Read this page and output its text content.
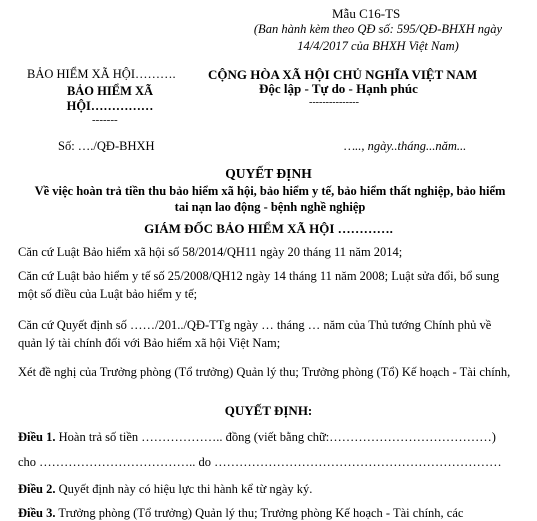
Mẫu C16-TS
(Ban hành kèm theo QĐ số: 595/QĐ-BHXH ngày 14/4/2017 của BHXH Việt Nam)
BẢO HIỂM XÃ HỘI……….
BẢO HIỂM XÃ HỘI……………
-------
CỘNG HÒA XÃ HỘI CHỦ NGHĨA VIỆT NAM
Độc lập - Tự do - Hạnh phúc
---------------
Số: …./QĐ-BHXH	….., ngày..tháng...năm...
QUYẾT ĐỊNH
Về việc hoàn trả tiền thu bảo hiểm xã hội, bảo hiểm y tế, bảo hiểm thất nghiệp, bảo hiểm tai nạn lao động - bệnh nghề nghiệp
GIÁM ĐỐC BẢO HIỂM XÃ HỘI ………….
Căn cứ Luật Bảo hiểm xã hội số 58/2014/QH11 ngày 20 tháng 11 năm 2014;
Căn cứ Luật bảo hiểm y tế số 25/2008/QH12 ngày 14 tháng 11 năm 2008; Luật sửa đổi, bổ sung một số điều của Luật bảo hiểm y tế;
Căn cứ Quyết định số ……/201../QĐ-TTg ngày … tháng … năm của Thủ tướng Chính phủ về quản lý tài chính đối với Bảo hiểm xã hội Việt Nam;
Xét đề nghị của Trưởng phòng (Tổ trưởng) Quản lý thu; Trưởng phòng (Tổ) Kế hoạch - Tài chính,
QUYẾT ĐỊNH:
Điều 1. Hoàn trả số tiền ……………….. đồng (viết bằng chữ:…………………………………)
cho ……………………………….. do ……………………………………………………………
Điều 2. Quyết định này có hiệu lực thi hành kể từ ngày ký.
Điều 3. Trưởng phòng (Tổ trưởng) Quản lý thu; Trưởng phòng Kế hoạch - Tài chính, các
